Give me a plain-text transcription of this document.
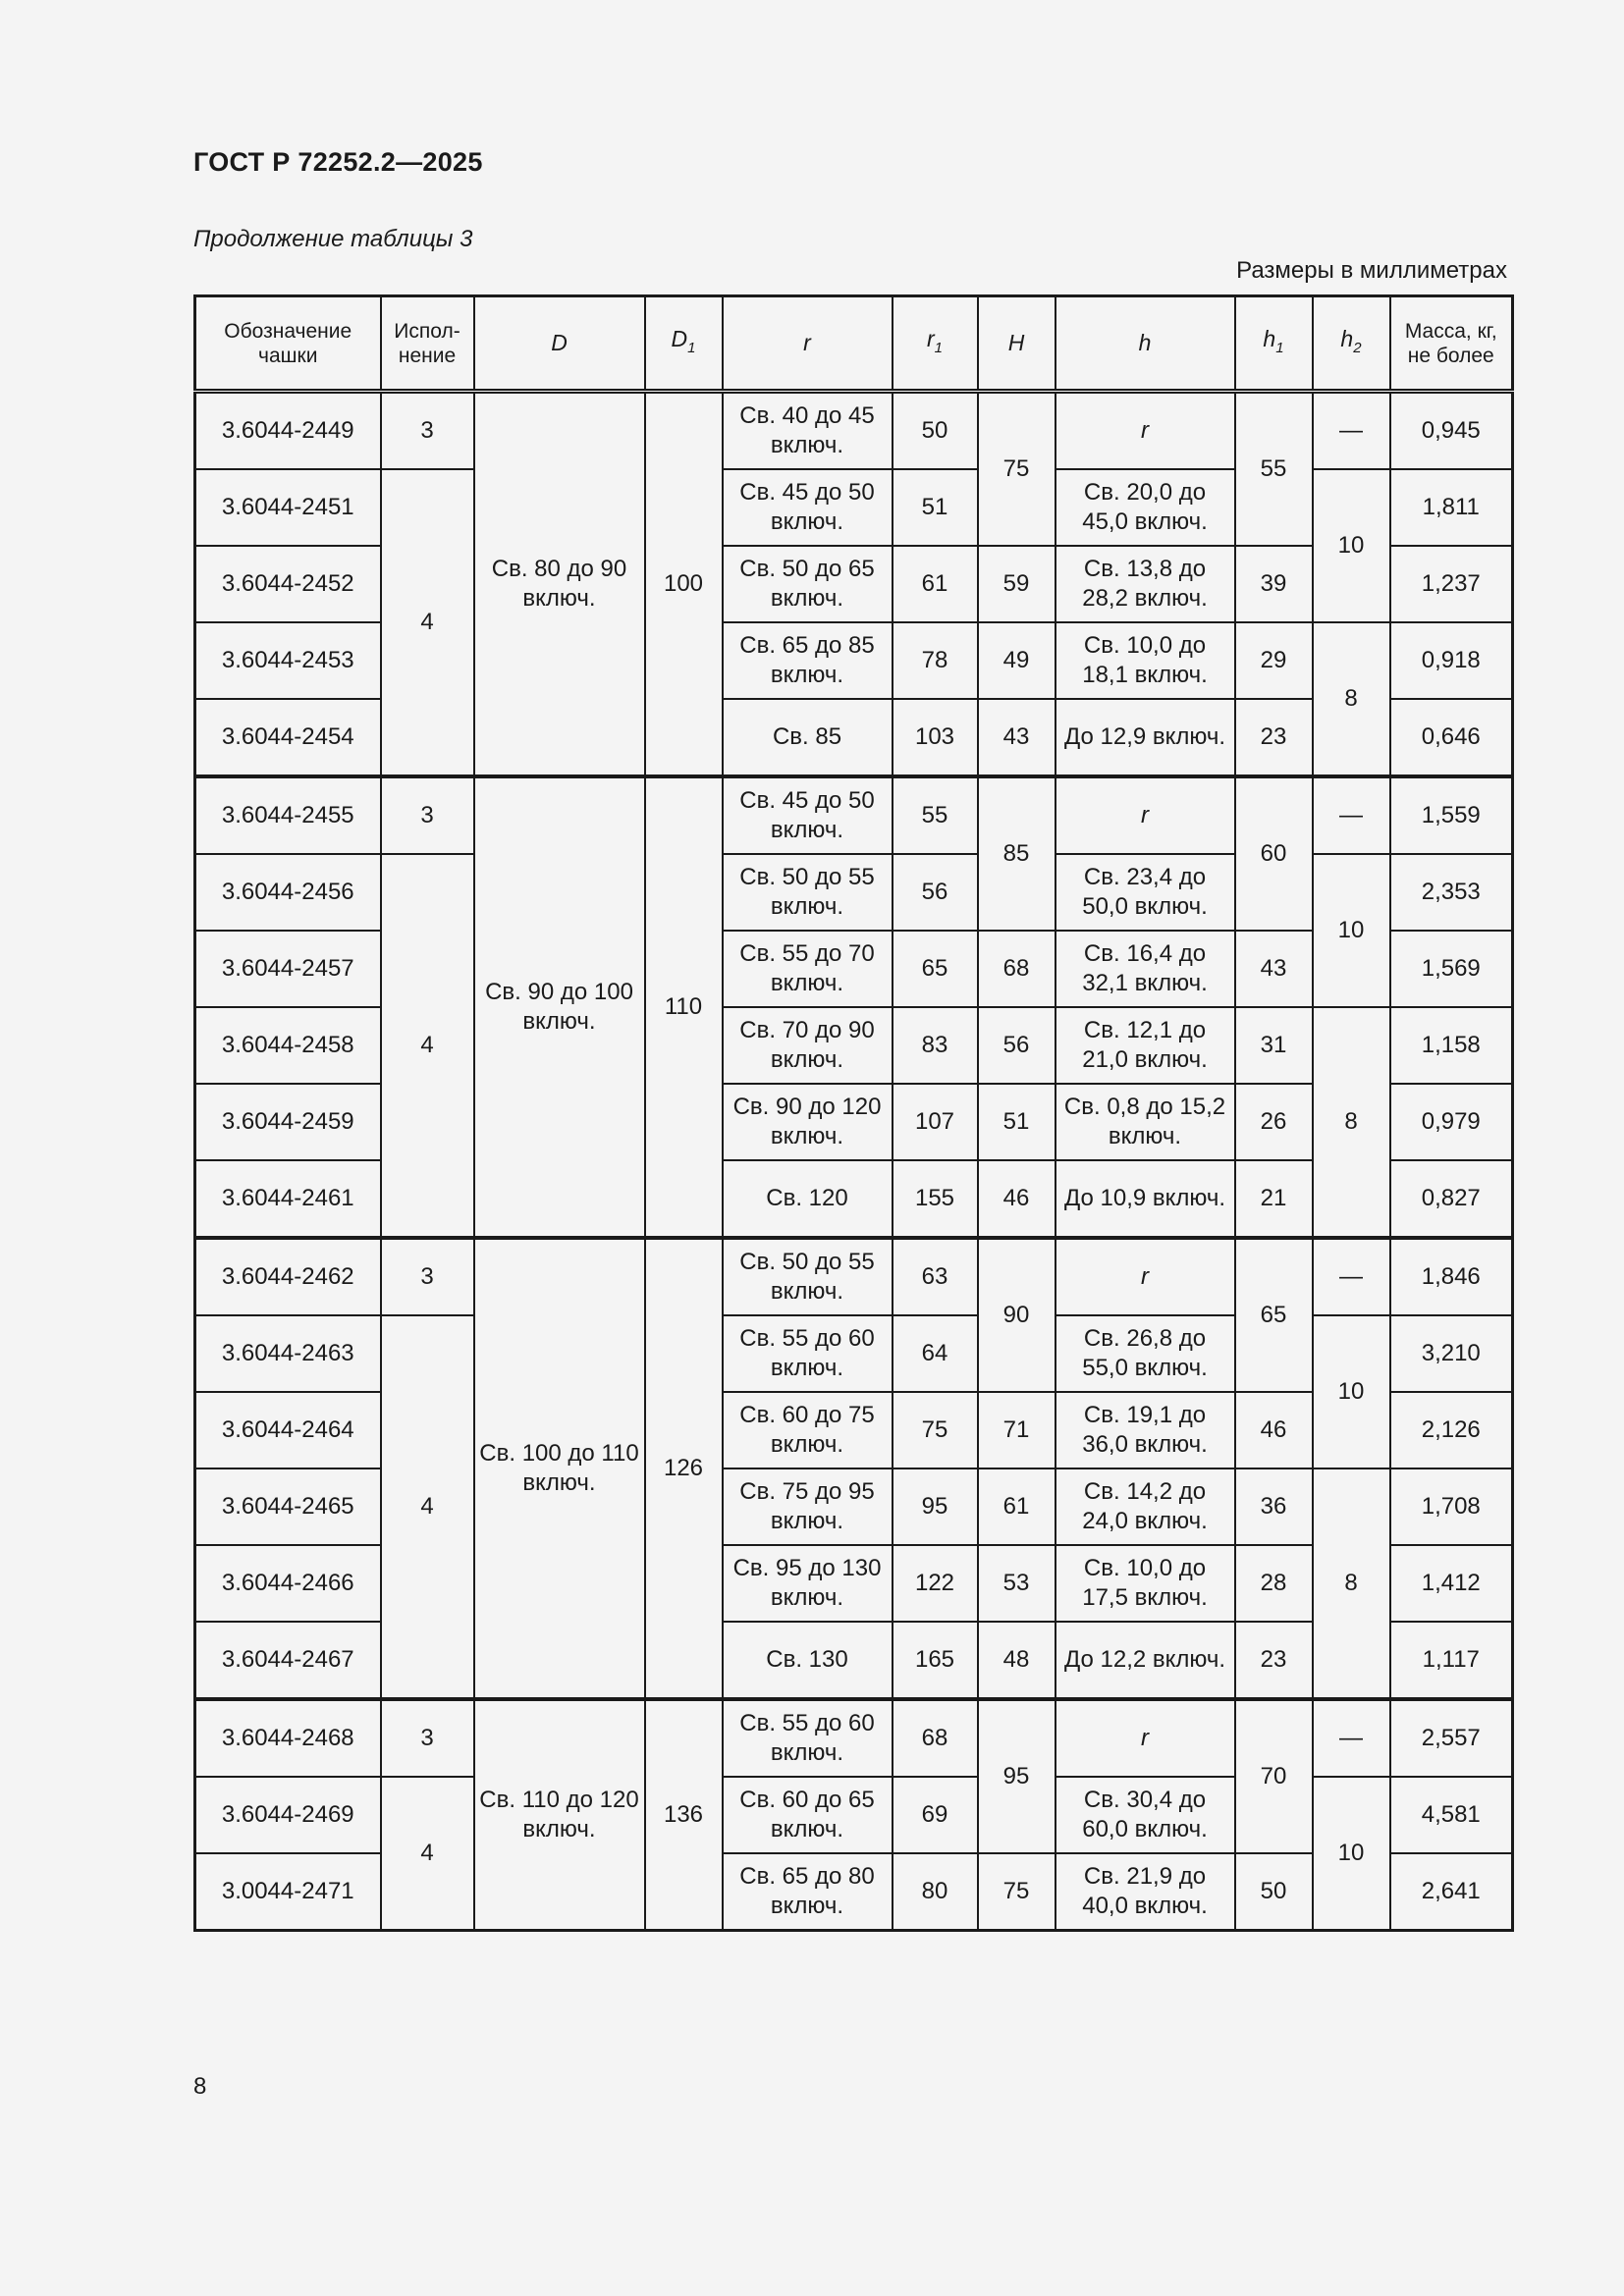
ГОСТ Р 72252.2—2025
Продолжение таблицы 3
Размеры в миллиметрах
Обозначение чашки	Испол- нение	D	$D_1$	r	$r_1$	H	h	$h_1$	$h_2$	Масса, кг, не более
3.6044-2449	3	Св. 80 до 90 включ.	100	Св. 40 до 45 включ.	50	75	r	55	—	0,945
3.6044-2451	4			Св. 45 до 50 включ.	51		Св. 20,0 до 45,0 включ.		10	1,811
3.6044-2452				Св. 50 до 65 включ.	61	59	Св. 13,8 до 28,2 включ.	39		1,237
3.6044-2453				Св. 65 до 85 включ.	78	49	Св. 10,0 до 18,1 включ.	29	8	0,918
3.6044-2454				Св. 85	103	43	До 12,9 включ.	23		0,646
3.6044-2455	3	Св. 90 до 100 включ.	110	Св. 45 до 50 включ.	55	85	r	60	—	1,559
3.6044-2456	4			Св. 50 до 55 включ.	56		Св. 23,4 до 50,0 включ.		10	2,353
3.6044-2457				Св. 55 до 70 включ.	65	68	Св. 16,4 до 32,1 включ.	43		1,569
3.6044-2458				Св. 70 до 90 включ.	83	56	Св. 12,1 до 21,0 включ.	31	8	1,158
3.6044-2459				Св. 90 до 120 включ.	107	51	Св. 0,8 до 15,2 включ.	26		0,979
3.6044-2461				Св. 120	155	46	До 10,9 включ.	21		0,827
3.6044-2462	3	Св. 100 до 110 включ.	126	Св. 50 до 55 включ.	63	90	r	65	—	1,846
3.6044-2463	4			Св. 55 до 60 включ.	64		Св. 26,8 до 55,0 включ.		10	3,210
3.6044-2464				Св. 60 до 75 включ.	75	71	Св. 19,1 до 36,0 включ.	46		2,126
3.6044-2465				Св. 75 до 95 включ.	95	61	Св. 14,2 до 24,0 включ.	36	8	1,708
3.6044-2466				Св. 95 до 130 включ.	122	53	Св. 10,0 до 17,5 включ.	28		1,412
3.6044-2467				Св. 130	165	48	До 12,2 включ.	23		1,117
3.6044-2468	3	Св. 110 до 120 включ.	136	Св. 55 до 60 включ.	68	95	r	70	—	2,557
3.6044-2469	4			Св. 60 до 65 включ.	69		Св. 30,4 до 60,0 включ.		10	4,581
3.0044-2471				Св. 65 до 80 включ.	80	75	Св. 21,9 до 40,0 включ.	50		2,641
8
